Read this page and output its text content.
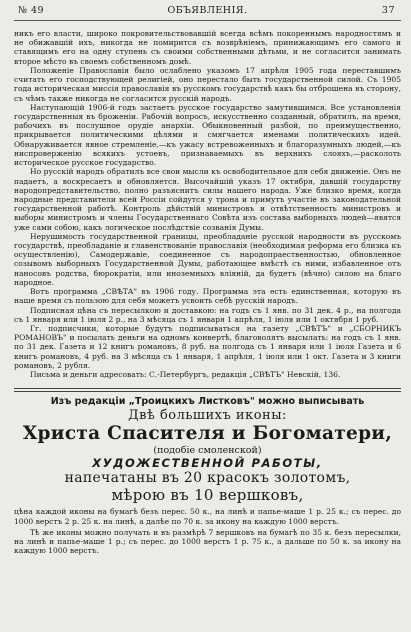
№ 49	ОБЪЯВЛЕНІЯ.	37

никъ его власти, широко покровительствовавшій всегда всѣмъ покореннымъ народностямъ и не обижавшій ихъ, никогда не помирится съ возврѣніемъ, принижающимъ его самого и ставящимъ его на одну ступень съ своими собственными дѣтьми, и не согласится занимать второе мѣсто въ своемъ собственномъ домѣ.

Положеніе Православія было ослаблено указомъ 17 апрѣля 1905 года переставшимъ считать его господствующей религіей, оно перестало быть государственной силой. Съ 1905 года историческая миссія православія въ русскомъ государствѣ какъ бы отброшена въ сторону, съ чѣмъ также никогда не согласится русскій народъ.

Наступающій 1906-й годъ застаетъ русское государство замутившимся. Все установленія государственныя въ броженіи. Рабочій вопросъ, искусственно созданный, обратилъ, на время, рабочихъ въ послушное орудіе анархіи. Обыкновенный разбой, по преимущественно, прикрывается политическими цѣлями и смягчается именами политическихъ идей. Обнаруживается явное стремленіе,—къ ужасу встревоженныхъ и благоразумныхъ людей,—къ ниспроверженію всякихъ устоевъ, признаваемыхъ въ верхнихъ слояхъ,—расколоть историческое русское государство.

Но русскій народъ обратилъ все свои мысли къ освободительное для себя движеніе. Онъ не падаетъ, а воскресаетъ и обновляется. Высочайшій указъ 17 октября, давшій государству народопредставительство, полно разъяснитъ силы нашего народа. Уже близко время, когда народные представители всей Россіи сойдутся у трона и примутъ участіе въ законодательной государственной работѣ. Контроль дѣйствій министровъ и отвѣтственность министровъ и выборы министромъ и члены Государственнаго Совѣта изъ состава выборныхъ людей—явятся уже сами собою, какъ логическое послѣдствіе созванія Думы.

Нерушимость государственной границы, преобладаніе русской народности въ русскомъ государствѣ, преобладаніе и главенствованіе православія (необходимая реформа его близка къ осуществленію), Самодержавіе, соединенное съ народопраественностью, обновленное созывомъ выборныхъ Государственной Думы, работающее вмѣстѣ съ ними, избавленное отъ наносовъ родства, бюрократіи, или иноземныхъ вліяній, да будетъ (вѣчно) силою на благо народное.

Вотъ программа „СВѢТА" въ 1906 году. Программа эта есть единственная, которую въ наше время съ пользою для себя можетъ усвоить себѣ русскій народъ.

Подписная цѣна съ пересылкою и доставкою: на годъ съ 1 янв. по 31 дек. 4 р., на полгода съ 1 января или 1 іюля 2 р., на 3 мѣсяца съ 1 января 1 апрѣля, 1 іюля или 1 октября 1 руб.

Гг. подписчики, которые будутъ подписываться на газету „СВѢТЪ" и „СБОРНИКЪ РОМАНОВЪ" и посылать деньги на одномъ конвертѣ, благоволятъ высылать: на годъ съ 1 янв. по 31 дек. Газета и 12 книгъ романовъ, 8 руб. на полгода съ 1 января или 1 іюля Газета и 6 книгъ романовъ, 4 руб. на 3 мѣсяца съ 1 января, 1 апрѣля, 1 іюля или 1 окт. Газета и 3 книги романовъ, 2 рубля.

Письма и деньги адресовать: С.-Петербургъ, редакція „СВѢТЪ" Невскій, 136.

Изъ редакціи „Троицкихъ Листковъ" можно выписывать
Двѣ большихъ иконы:
Христа Спасителя и Богоматери,
(подобіе смоленской)
ХУДОЖЕСТВЕННОЙ РАБОТЫ,
напечатаны въ 20 красокъ золотомъ,
мѣрою въ 10 вершковъ,

цѣна каждой иконы на бумагѣ безъ перес. 50 к., на линѣ и папье-маше 1 р. 25 к.; съ перес. до 1000 верстъ 2 р. 25 к. на линѣ, а далѣе по 70 к. за икону на каждую 1000 верстъ.

Тѣ же иконы можно получать и въ размѣрѣ 7 вершковъ на бумагѣ по 35 к. безъ пересылки, на линѣ и папье-маше 1 р.; съ перес. до 1000 верстъ 1 р. 75 к., а дальше по 50 к. за икону на каждую 1000 верстъ.
